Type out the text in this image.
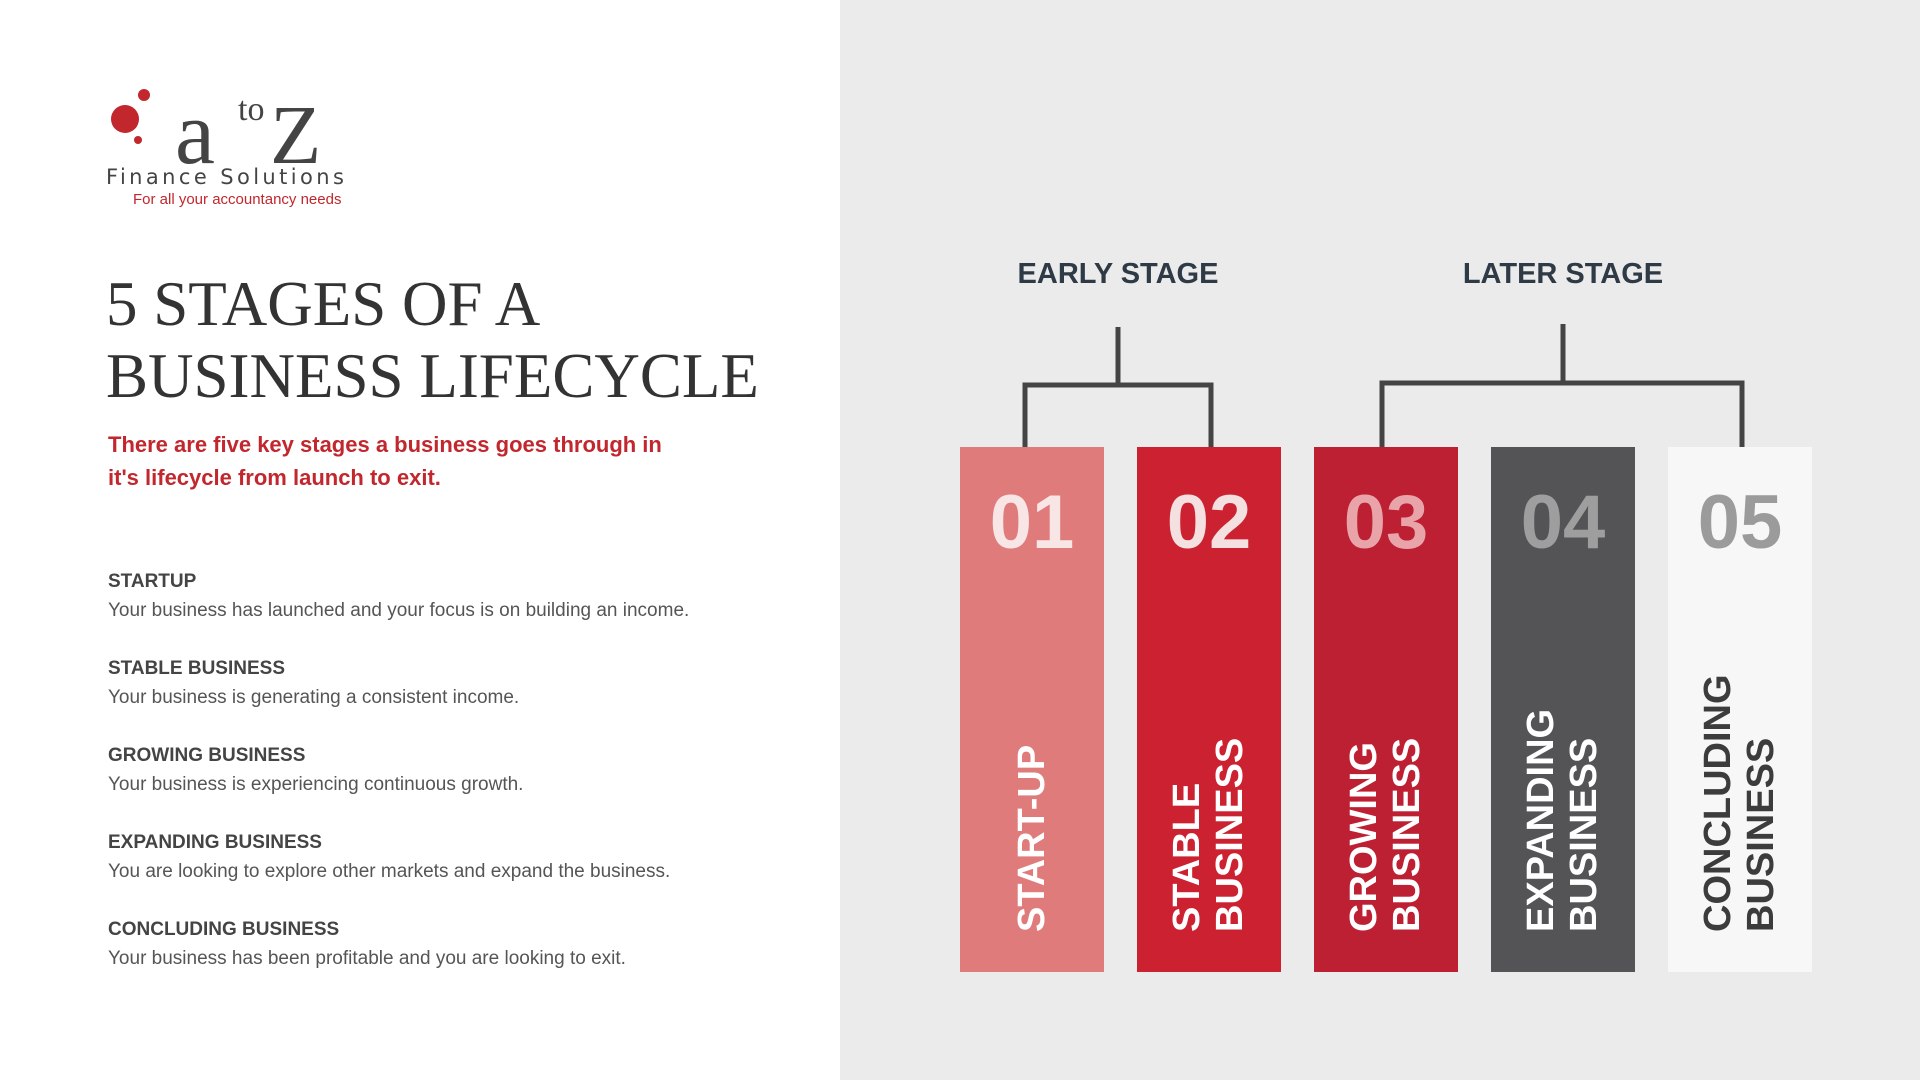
a to Z
Finance Solutions
For all your accountancy needs
5 STAGES OF A
BUSINESS LIFECYCLE

There are five key stages a business goes through in
it's lifecycle from launch to exit.

STARTUP
Your business has launched and your focus is on building an income.
STABLE BUSINESS
Your business is generating a consistent income.
GROWING BUSINESS
Your business is experiencing continuous growth.
EXPANDING BUSINESS
You are looking to explore other markets and expand the business.
CONCLUDING BUSINESS
Your business has been profitable and you are looking to exit.
EARLY STAGE	LATER STAGE
01
START-UP
02
STABLE BUSINESS
03
GROWING BUSINESS
04
EXPANDING BUSINESS
05
CONCLUDING BUSINESS
